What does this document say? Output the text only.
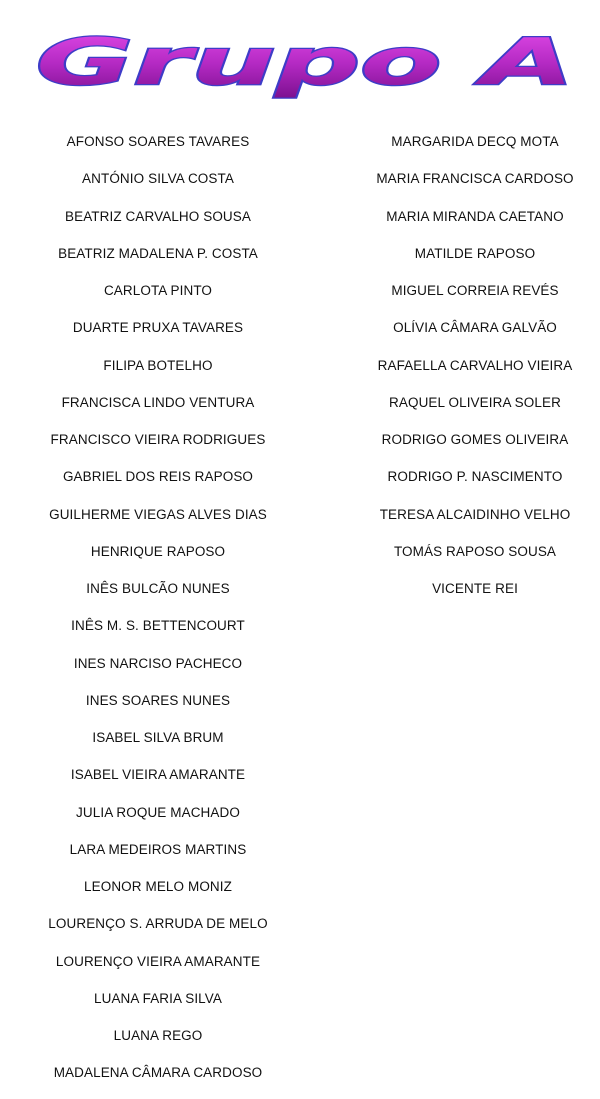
Grupo A
AFONSO SOARES TAVARES
ANTÓNIO SILVA COSTA
BEATRIZ CARVALHO SOUSA
BEATRIZ MADALENA P. COSTA
CARLOTA PINTO
DUARTE PRUXA TAVARES
FILIPA BOTELHO
FRANCISCA LINDO VENTURA
FRANCISCO VIEIRA RODRIGUES
GABRIEL DOS REIS RAPOSO
GUILHERME VIEGAS ALVES DIAS
HENRIQUE RAPOSO
INÊS BULCÃO NUNES
INÊS M. S. BETTENCOURT
INES NARCISO PACHECO
INES SOARES NUNES
ISABEL SILVA BRUM
ISABEL VIEIRA AMARANTE
JULIA ROQUE MACHADO
LARA MEDEIROS MARTINS
LEONOR MELO MONIZ
LOURENÇO S. ARRUDA DE MELO
LOURENÇO VIEIRA AMARANTE
LUANA FARIA SILVA
LUANA REGO
MADALENA CÂMARA CARDOSO
MARGARIDA DECQ MOTA
MARIA FRANCISCA CARDOSO
MARIA MIRANDA CAETANO
MATILDE RAPOSO
MIGUEL CORREIA REVÉS
OLÍVIA CÂMARA GALVÃO
RAFAELLA CARVALHO VIEIRA
RAQUEL OLIVEIRA SOLER
RODRIGO GOMES OLIVEIRA
RODRIGO P. NASCIMENTO
TERESA ALCAIDINHO VELHO
TOMÁS RAPOSO SOUSA
VICENTE REI
